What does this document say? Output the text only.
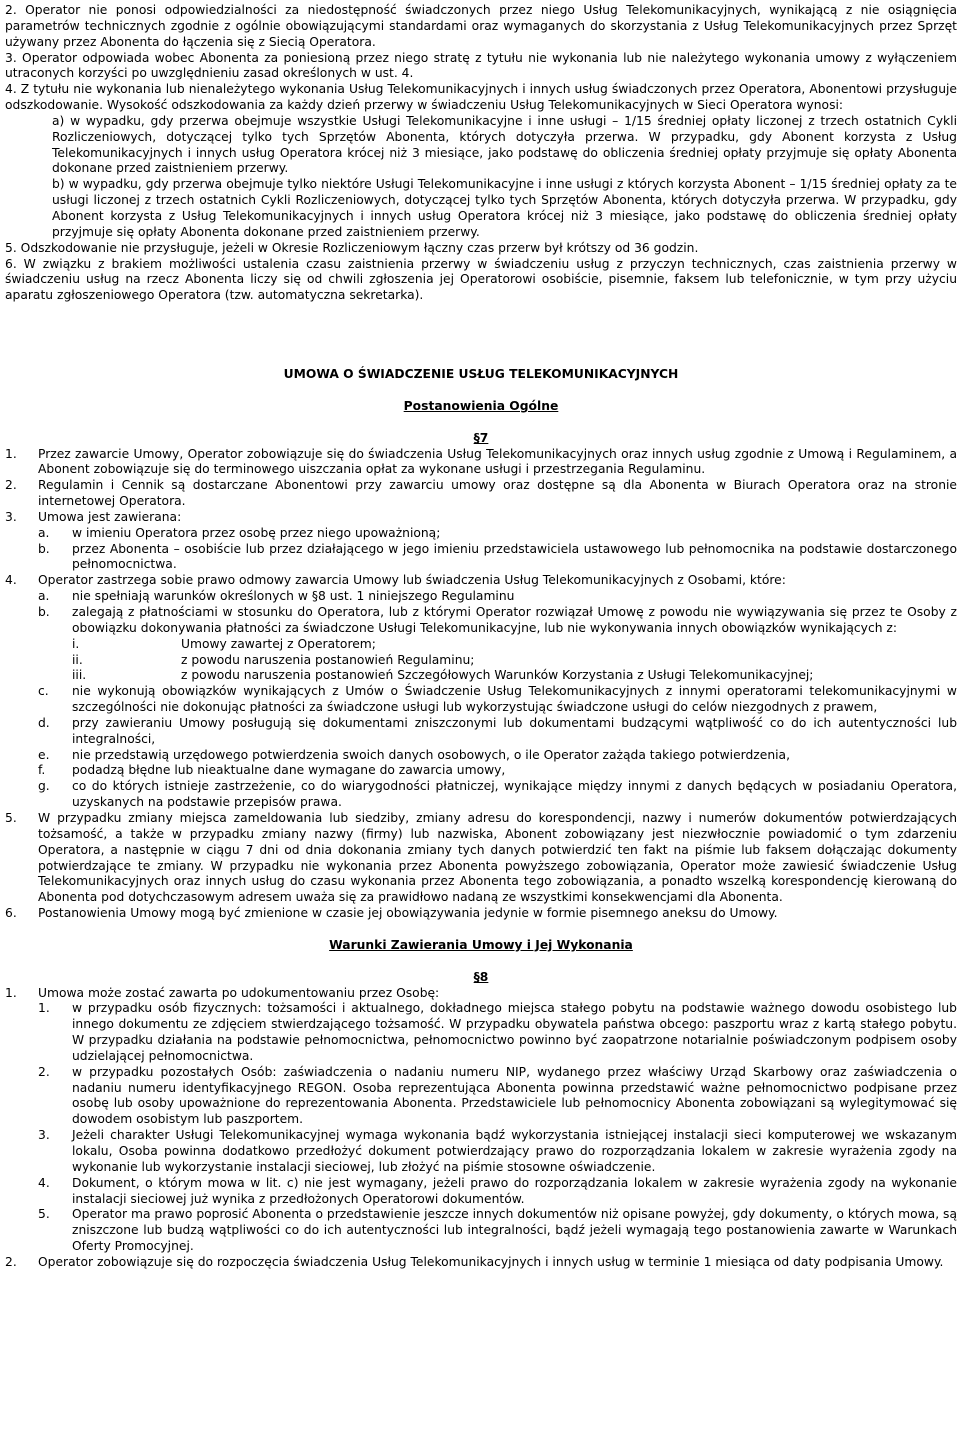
2. Operator nie ponosi odpowiedzialności za niedostępność świadczonych przez niego Usług Telekomunikacyjnych, wynikającą z nie osiągnięcia parametrów technicznych zgodnie z ogólnie obowiązującymi standardami oraz wymaganych do skorzystania z Usług Telekomunikacyjnych przez Sprzęt używany przez Abonenta do łączenia się z Siecią Operatora.

3. Operator odpowiada wobec Abonenta za poniesioną przez niego stratę z tytułu nie wykonania lub nie należytego wykonania umowy z wyłączeniem utraconych korzyści po uwzględnieniu zasad określonych w ust. 4.

4. Z tytułu nie wykonania lub nienależytego wykonania Usług Telekomunikacyjnych i innych usług świadczonych przez Operatora, Abonentowi przysługuje odszkodowanie. Wysokość odszkodowania za każdy dzień przerwy w świadczeniu Usług Telekomunikacyjnych w Sieci Operatora wynosi:

a) w wypadku, gdy przerwa obejmuje wszystkie Usługi Telekomunikacyjne i inne usługi – 1/15 średniej opłaty liczonej z trzech ostatnich Cykli Rozliczeniowych, dotyczącej tylko tych Sprzętów Abonenta, których dotyczyła przerwa. W przypadku, gdy Abonent korzysta z Usług Telekomunikacyjnych i innych usług Operatora krócej niż 3 miesiące, jako podstawę do obliczenia średniej opłaty przyjmuje się opłaty Abonenta dokonane przed zaistnieniem przerwy.

b) w wypadku, gdy przerwa obejmuje tylko niektóre Usługi Telekomunikacyjne i inne usługi z których korzysta Abonent – 1/15 średniej opłaty za te usługi liczonej z trzech ostatnich Cykli Rozliczeniowych, dotyczącej tylko tych Sprzętów Abonenta, których dotyczyła przerwa. W przypadku, gdy Abonent korzysta z Usług Telekomunikacyjnych i innych usług Operatora krócej niż 3 miesiące, jako podstawę do obliczenia średniej opłaty przyjmuje się opłaty Abonenta dokonane przed zaistnieniem przerwy.

5. Odszkodowanie nie przysługuje, jeżeli w Okresie Rozliczeniowym łączny czas przerw był krótszy od 36 godzin.

6. W związku z brakiem możliwości ustalenia czasu zaistnienia przerwy w świadczeniu usług z przyczyn technicznych, czas zaistnienia przerwy w świadczeniu usług na rzecz Abonenta liczy się od chwili zgłoszenia jej Operatorowi osobiście, pisemnie, faksem lub telefonicznie, w tym przy użyciu aparatu zgłoszeniowego Operatora (tzw. automatyczna sekretarka).

UMOWA O ŚWIADCZENIE USŁUG TELEKOMUNIKACYJNYCH

Postanowienia Ogólne

§7

1. Przez zawarcie Umowy, Operator zobowiązuje się do świadczenia Usług Telekomunikacyjnych oraz innych usług zgodnie z Umową i Regulaminem, a Abonent zobowiązuje się do terminowego uiszczania opłat za wykonane usługi i przestrzegania Regulaminu.
2. Regulamin i Cennik są dostarczane Abonentowi przy zawarciu umowy oraz dostępne są dla Abonenta w Biurach Operatora oraz na stronie internetowej Operatora.
3. Umowa jest zawierana:
a. w imieniu Operatora przez osobę przez niego upoważnioną;
b. przez Abonenta – osobiście lub przez działającego w jego imieniu przedstawiciela ustawowego lub pełnomocnika na podstawie dostarczonego pełnomocnictwa.
4. Operator zastrzega sobie prawo odmowy zawarcia Umowy lub świadczenia Usług Telekomunikacyjnych z Osobami, które:
a. nie spełniają warunków określonych w §8 ust. 1 niniejszego Regulaminu
b. zalegają z płatnościami w stosunku do Operatora, lub z którymi Operator rozwiązał Umowę z powodu nie wywiązywania się przez te Osoby z obowiązku dokonywania płatności za świadczone Usługi Telekomunikacyjne, lub nie wykonywania innych obowiązków wynikających z:
i.	Umowy zawartej z Operatorem;
ii.	z powodu naruszenia postanowień Regulaminu;
iii.	z powodu naruszenia postanowień Szczegółowych Warunków Korzystania z Usługi Telekomunikacyjnej;
c. nie wykonują obowiązków wynikających z Umów o Świadczenie Usług Telekomunikacyjnych z innymi operatorami telekomunikacyjnymi w szczególności nie dokonując płatności za świadczone usługi lub wykorzystując świadczone usługi do celów niezgodnych z prawem,
d. przy zawieraniu Umowy posługują się dokumentami zniszczonymi lub dokumentami budzącymi wątpliwość co do ich autentyczności lub integralności,
e. nie przedstawią urzędowego potwierdzenia swoich danych osobowych, o ile Operator zażąda takiego potwierdzenia,
f. podadzą błędne lub nieaktualne dane wymagane do zawarcia umowy,
g. co do których istnieje zastrzeżenie, co do wiarygodności płatniczej, wynikające między innymi z danych będących w posiadaniu Operatora, uzyskanych na podstawie przepisów prawa.
5. W przypadku zmiany miejsca zameldowania lub siedziby, zmiany adresu do korespondencji, nazwy i numerów dokumentów potwierdzających tożsamość, a także w przypadku zmiany nazwy (firmy) lub nazwiska, Abonent zobowiązany jest niezwłocznie powiadomić o tym zdarzeniu Operatora, a następnie w ciągu 7 dni od dnia dokonania zmiany tych danych potwierdzić ten fakt na piśmie lub faksem dołączając dokumenty potwierdzające te zmiany. W przypadku nie wykonania przez Abonenta powyższego zobowiązania, Operator może zawiesić świadczenie Usług Telekomunikacyjnych oraz innych usług do czasu wykonania przez Abonenta tego zobowiązania, a ponadto wszelką korespondencję kierowaną do Abonenta pod dotychczasowym adresem uważa się za prawidłowo nadaną ze wszystkimi konsekwencjami dla Abonenta.
6. Postanowienia Umowy mogą być zmienione w czasie jej obowiązywania jedynie w formie pisemnego aneksu do Umowy.

Warunki Zawierania Umowy i Jej Wykonania

§8

1. Umowa może zostać zawarta po udokumentowaniu przez Osobę:
1. w przypadku osób fizycznych: tożsamości i aktualnego, dokładnego miejsca stałego pobytu na podstawie ważnego dowodu osobistego lub innego dokumentu ze zdjęciem stwierdzającego tożsamość. W przypadku obywatela państwa obcego: paszportu wraz z kartą stałego pobytu. W przypadku działania na podstawie pełnomocnictwa, pełnomocnictwo powinno być zaopatrzone notarialnie poświadczonym podpisem osoby udzielającej pełnomocnictwa.
2. w przypadku pozostałych Osób: zaświadczenia o nadaniu numeru NIP, wydanego przez właściwy Urząd Skarbowy oraz zaświadczenia o nadaniu numeru identyfikacyjnego REGON. Osoba reprezentująca Abonenta powinna przedstawić ważne pełnomocnictwo podpisane przez osobę lub osoby upoważnione do reprezentowania Abonenta. Przedstawiciele lub pełnomocnicy Abonenta zobowiązani są wylegitymować się dowodem osobistym lub paszportem.
3. Jeżeli charakter Usługi Telekomunikacyjnej wymaga wykonania bądź wykorzystania istniejącej instalacji sieci komputerowej we wskazanym lokalu, Osoba powinna dodatkowo przedłożyć dokument potwierdzający prawo do rozporządzania lokalem w zakresie wyrażenia zgody na wykonanie lub wykorzystanie instalacji sieciowej, lub złożyć na piśmie stosowne oświadczenie.
4. Dokument, o którym mowa w lit. c) nie jest wymagany, jeżeli prawo do rozporządzania lokalem w zakresie wyrażenia zgody na wykonanie instalacji sieciowej już wynika z przedłożonych Operatorowi dokumentów.
5. Operator ma prawo poprosić Abonenta o przedstawienie jeszcze innych dokumentów niż opisane powyżej, gdy dokumenty, o których mowa, są zniszczone lub budzą wątpliwości co do ich autentyczności lub integralności, bądź jeżeli wymagają tego postanowienia zawarte w Warunkach Oferty Promocyjnej.
2. Operator zobowiązuje się do rozpoczęcia świadczenia Usług Telekomunikacyjnych i innych usług w terminie 1 miesiąca od daty podpisania Umowy.
